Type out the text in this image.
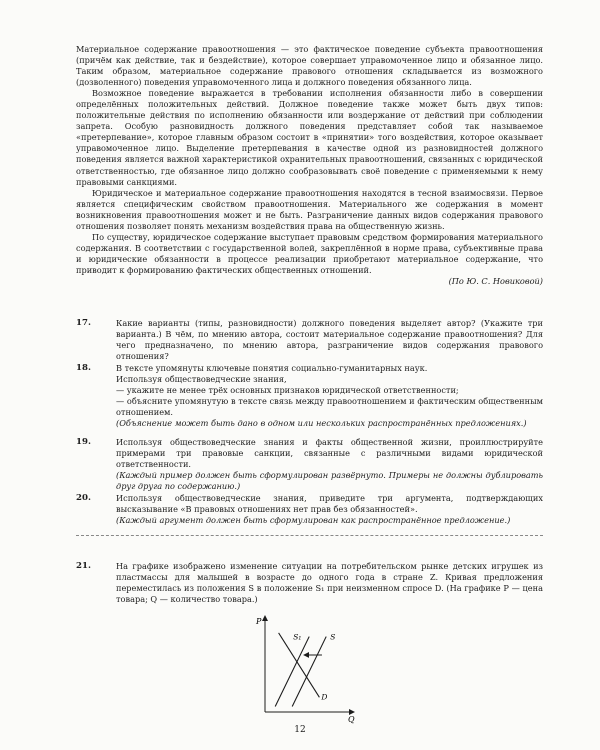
Материальное содержание правоотношения — это фактическое поведение субъекта правоотношения (причём как действие, так и бездействие), которое совершает управомоченное лицо и обязанное лицо. Таким образом, материальное содержание правового отношения складывается из возможного (дозволенного) поведения управомоченного лица и должного поведения обязанного лица.

Возможное поведение выражается в требовании исполнения обязанности либо в совершении определённых положительных действий. Должное поведение также может быть двух типов: положительные действия по исполнению обязанности или воздержание от действий при соблюдении запрета. Особую разновидность должного поведения представляет собой так называемое «претерпевание», которое главным образом состоит в «принятии» того воздействия, которое оказывает управомоченное лицо. Выделение претерпевания в качестве одной из разновидностей должного поведения является важной характеристикой охранительных правоотношений, связанных с юридической ответственностью, где обязанное лицо должно сообразовывать своё поведение с применяемыми к нему правовыми санкциями.

Юридическое и материальное содержание правоотношения находятся в тесной взаимосвязи. Первое является специфическим свойством правоотношения. Материального же содержания в момент возникновения правоотношения может и не быть. Разграничение данных видов содержания правового отношения позволяет понять механизм воздействия права на общественную жизнь.

По существу, юридическое содержание выступает правовым средством формирования материального содержания. В соответствии с государственной волей, закреплённой в норме права, субъективные права и юридические обязанности в процессе реализации приобретают материальное содержание, что приводит к формированию фактических общественных отношений.

(По Ю. С. Новиковой)

17.	Какие варианты (типы, разновидности) должного поведения выделяет автор? (Укажите три варианта.) В чём, по мнению автора, состоит материальное содержание правоотношения? Для чего предназначено, по мнению автора, разграничение видов содержания правового отношения?

18.	В тексте упомянуты ключевые понятия социально-гуманитарных наук.

Используя обществоведческие знания,

— укажите не менее трёх основных признаков юридической ответственности;

— объясните упомянутую в тексте связь между правоотношением и фактическим общественным отношением.

(Объяснение может быть дано в одном или нескольких распространённых предложениях.)

19.	Используя обществоведческие знания и факты общественной жизни, проиллюстрируйте примерами три правовые санкции, связанные с различными видами юридической ответственности.

(Каждый пример должен быть сформулирован развёрнуто. Примеры не должны дублировать друг друга по содержанию.)

20.	Используя обществоведческие знания, приведите три аргумента, подтверждающих высказывание «В правовых отношениях нет прав без обязанностей».

(Каждый аргумент должен быть сформулирован как распространённое предложение.)

21.	На графике изображено изменение ситуации на потребительском рынке детских игрушек из пластмассы для малышей в возрасте до одного года в стране Z. Кривая предложения переместилась из положения S в положение S₁ при неизменном спросе D. (На графике P — цена товара; Q — количество товара.)

P
Q
S₁	S
D
12
